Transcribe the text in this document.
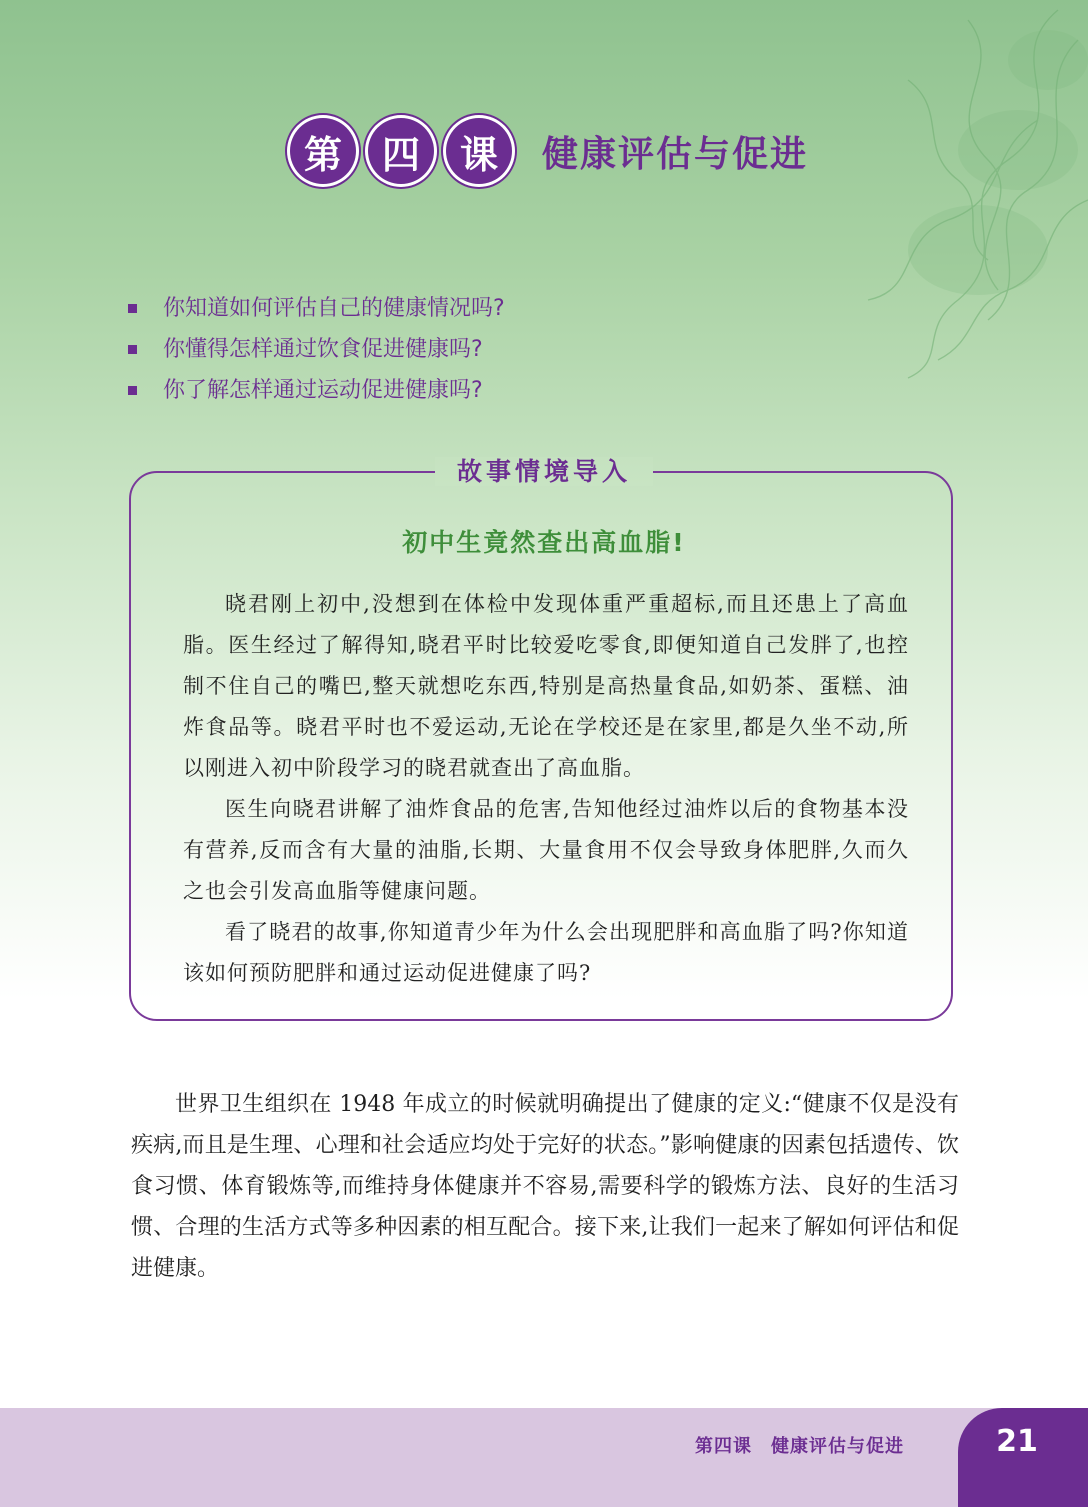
第	四	课	健康评估与促进
你知道如何评估自己的健康情况吗?
你懂得怎样通过饮食促进健康吗?
你了解怎样通过运动促进健康吗?
故事情境导入
初中生竟然查出高血脂!

晓君刚上初中,没想到在体检中发现体重严重超标,而且还患上了高血脂。医生经过了解得知,晓君平时比较爱吃零食,即便知道自己发胖了,也控制不住自己的嘴巴,整天就想吃东西,特别是高热量食品,如奶茶、蛋糕、油炸食品等。晓君平时也不爱运动,无论在学校还是在家里,都是久坐不动,所以刚进入初中阶段学习的晓君就查出了高血脂。

医生向晓君讲解了油炸食品的危害,告知他经过油炸以后的食物基本没有营养,反而含有大量的油脂,长期、大量食用不仅会导致身体肥胖,久而久之也会引发高血脂等健康问题。

看了晓君的故事,你知道青少年为什么会出现肥胖和高血脂了吗?你知道该如何预防肥胖和通过运动促进健康了吗?

世界卫生组织在 1948 年成立的时候就明确提出了健康的定义:“健康不仅是没有疾病,而且是生理、心理和社会适应均处于完好的状态。”影响健康的因素包括遗传、饮食习惯、体育锻炼等,而维持身体健康并不容易,需要科学的锻炼方法、良好的生活习惯、合理的生活方式等多种因素的相互配合。接下来,让我们一起来了解如何评估和促进健康。

第四课　健康评估与促进	21
